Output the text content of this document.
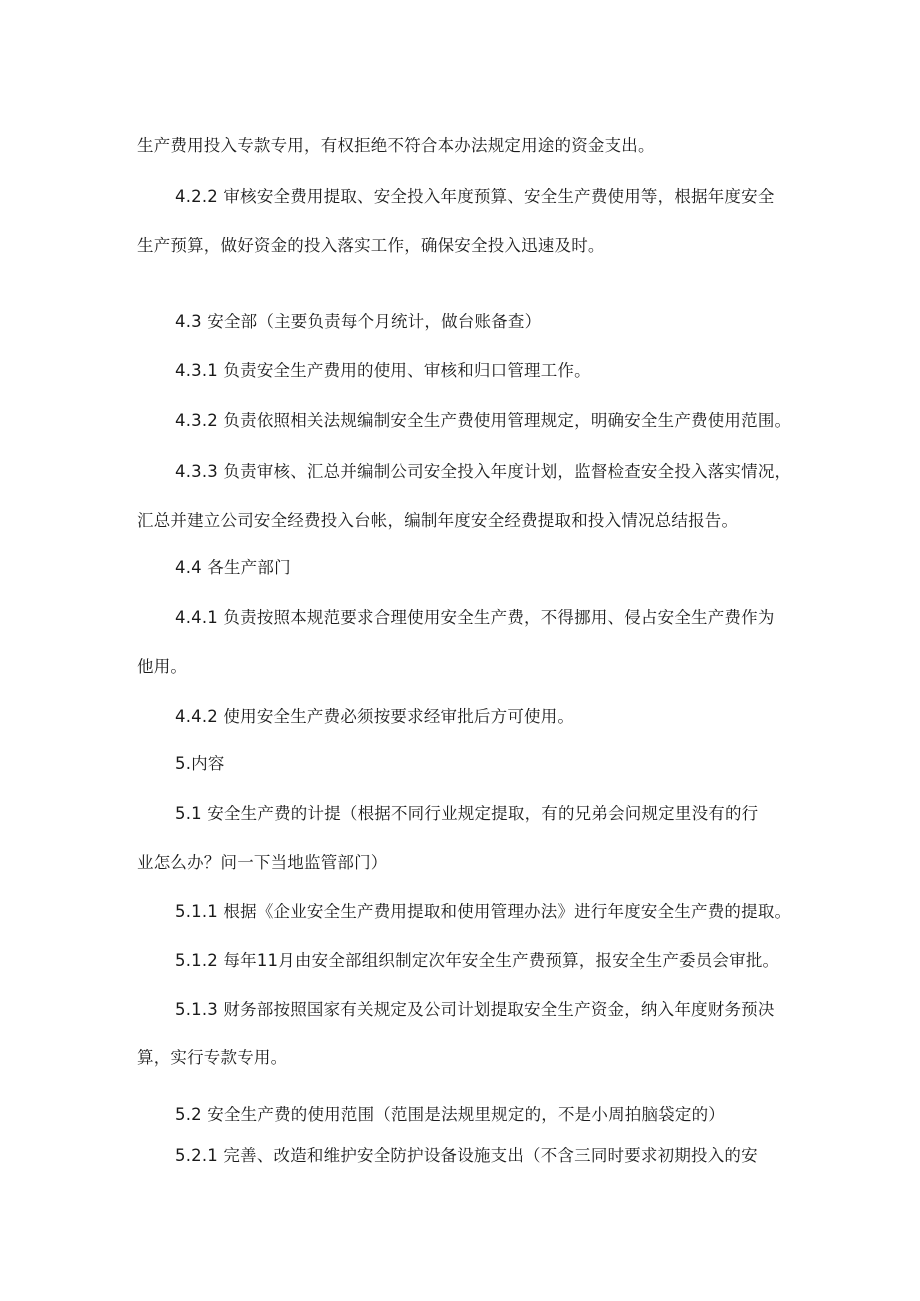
生产费用投入专款专用，有权拒绝不符合本办法规定用途的资金支出。
4.2.2 审核安全费用提取、安全投入年度预算、安全生产费使用等，根据年度安全
生产预算，做好资金的投入落实工作，确保安全投入迅速及时。
4.3 安全部（主要负责每个月统计，做台账备查）
4.3.1 负责安全生产费用的使用、审核和归口管理工作。
4.3.2 负责依照相关法规编制安全生产费使用管理规定，明确安全生产费使用范围。
4.3.3 负责审核、汇总并编制公司安全投入年度计划，监督检查安全投入落实情况，
汇总并建立公司安全经费投入台帐，编制年度安全经费提取和投入情况总结报告。
4.4 各生产部门
4.4.1 负责按照本规范要求合理使用安全生产费，不得挪用、侵占安全生产费作为
他用。
4.4.2 使用安全生产费必须按要求经审批后方可使用。
5.内容
5.1 安全生产费的计提（根据不同行业规定提取，有的兄弟会问规定里没有的行
业怎么办？问一下当地监管部门）
5.1.1 根据《企业安全生产费用提取和使用管理办法》进行年度安全生产费的提取。
5.1.2 每年11月由安全部组织制定次年安全生产费预算，报安全生产委员会审批。
5.1.3 财务部按照国家有关规定及公司计划提取安全生产资金，纳入年度财务预决
算，实行专款专用。
5.2 安全生产费的使用范围（范围是法规里规定的，不是小周拍脑袋定的）
5.2.1 完善、改造和维护安全防护设备设施支出（不含三同时要求初期投入的安
